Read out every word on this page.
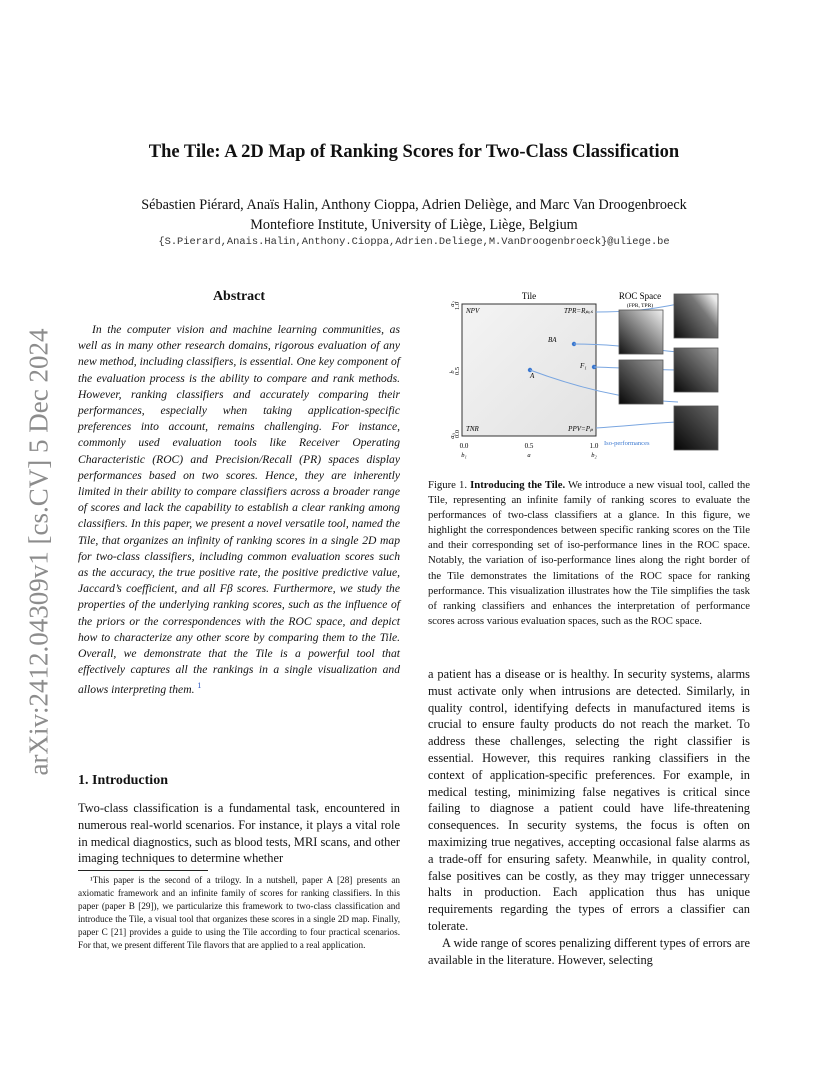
arXiv:2412.04309v1 [cs.CV] 5 Dec 2024
The Tile: A 2D Map of Ranking Scores for Two-Class Classification
Sébastien Piérard, Anaïs Halin, Anthony Cioppa, Adrien Deliège, and Marc Van Droogenbroeck
Montefiore Institute, University of Liège, Liège, Belgium
{S.Pierard,Anais.Halin,Anthony.Cioppa,Adrien.Deliege,M.VanDroogenbroeck}@uliege.be
Abstract

In the computer vision and machine learning communities, as well as in many other research domains, rigorous evaluation of any new method, including classifiers, is essential. One key component of the evaluation process is the ability to compare and rank methods. However, ranking classifiers and accurately comparing their performances, especially when taking application-specific preferences into account, remains challenging. For instance, commonly used evaluation tools like Receiver Operating Characteristic (ROC) and Precision/Recall (PR) spaces display performances based on two scores. Hence, they are inherently limited in their ability to compare classifiers across a broader range of scores and lack the capability to establish a clear ranking among classifiers. In this paper, we present a novel versatile tool, named the Tile, that organizes an infinity of ranking scores in a single 2D map for two-class classifiers, including common evaluation scores such as the accuracy, the true positive rate, the positive predictive value, Jaccard’s coefficient, and all Fβ scores. Furthermore, we study the properties of the underlying ranking scores, such as the influence of the priors or the correspondences with the ROC space, and depict how to characterize any other score by comparing them to the Tile. Overall, we demonstrate that the Tile is a powerful tool that effectively captures all the rankings in a single visualization and allows interpreting them. $^1$

1. Introduction

Two-class classification is a fundamental task, encountered in numerous real-world scenarios. For instance, it plays a vital role in medical diagnostics, such as blood tests, MRI scans, and other imaging techniques to determine whether

¹This paper is the second of a trilogy. In a nutshell, paper A [28] presents an axiomatic framework and an infinite family of scores for ranking classifiers. In this paper (paper B [29]), we particularize this framework to two-class classification and introduce the Tile, a visual tool that organizes these scores in a single 2D map. Finally, paper C [21] provides a guide to using the Tile according to four practical scenarios. For that, we present different Tile flavors that are applied to a real application.

Tile
NPV	TPR=Rₚₒₛ
TNR	PPV=Pₚ
BA
F₁
A
a₂
b
a₀
1.0
0.5
0.0
0.0	0.5	1.0
b₁	a	b₂
ROC Space
(FPR, TPR)
Iso-performances

Figure 1. Introducing the Tile. We introduce a new visual tool, called the Tile, representing an infinite family of ranking scores to evaluate the performances of two-class classifiers at a glance. In this figure, we highlight the correspondences between specific ranking scores on the Tile and their corresponding set of iso-performance lines in the ROC space. Notably, the variation of iso-performance lines along the right border of the Tile demonstrates the limitations of the ROC space for ranking performance. This visualization illustrates how the Tile simplifies the task of ranking classifiers and enhances the interpretation of performance scores across various evaluation spaces, such as the ROC space.

a patient has a disease or is healthy. In security systems, alarms must activate only when intrusions are detected. Similarly, in quality control, identifying defects in manufactured items is crucial to ensure faulty products do not reach the market. To address these challenges, selecting the right classifier is essential. However, this requires ranking classifiers in the context of application-specific preferences. For example, in medical testing, minimizing false negatives is critical since failing to diagnose a patient could have life-threatening consequences. In security systems, the focus is often on maximizing true negatives, accepting occasional false alarms as a trade-off for ensuring safety. Meanwhile, in quality control, false positives can be costly, as they may trigger unnecessary halts in production. Each application thus has unique requirements regarding the types of errors a classifier can tolerate.

A wide range of scores penalizing different types of errors are available in the literature. However, selecting
